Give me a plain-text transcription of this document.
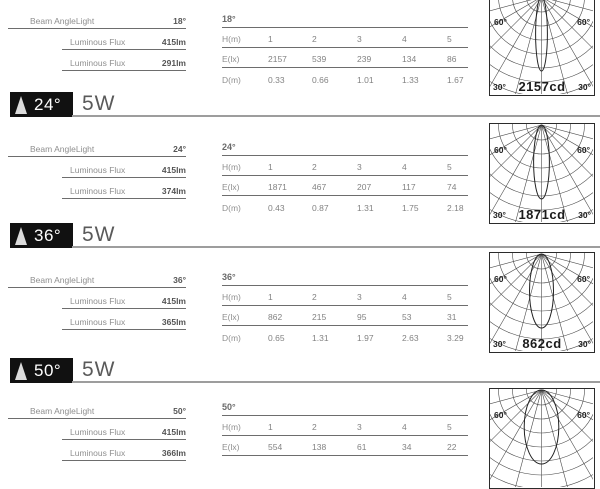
Beam AngleLight	18°
Luminous Flux	415lm
Luminous Flux	291lm
18°
H(m)	1	2	3	4	5
E(lx)	2157	539	239	134	86
D(m)	0.33	0.66	1.01	1.33	1.67
60°	60°
30°	30°
2157cd
24° 5W
Beam AngleLight	24°
Luminous Flux	415lm
Luminous Flux	374lm
24°
H(m)	1	2	3	4	5
E(lx)	1871	467	207	117	74
D(m)	0.43	0.87	1.31	1.75	2.18
60°	60°
30°	30°
1871cd
36° 5W
Beam AngleLight	36°
Luminous Flux	415lm
Luminous Flux	365lm
36°
H(m)	1	2	3	4	5
E(lx)	862	215	95	53	31
D(m)	0.65	1.31	1.97	2.63	3.29
60°	60°
30°	30°
862cd
50° 5W
Beam AngleLight	50°
Luminous Flux	415lm
Luminous Flux	366lm
50°
H(m)	1	2	3	4	5
E(lx)	554	138	61	34	22
60°	60°
